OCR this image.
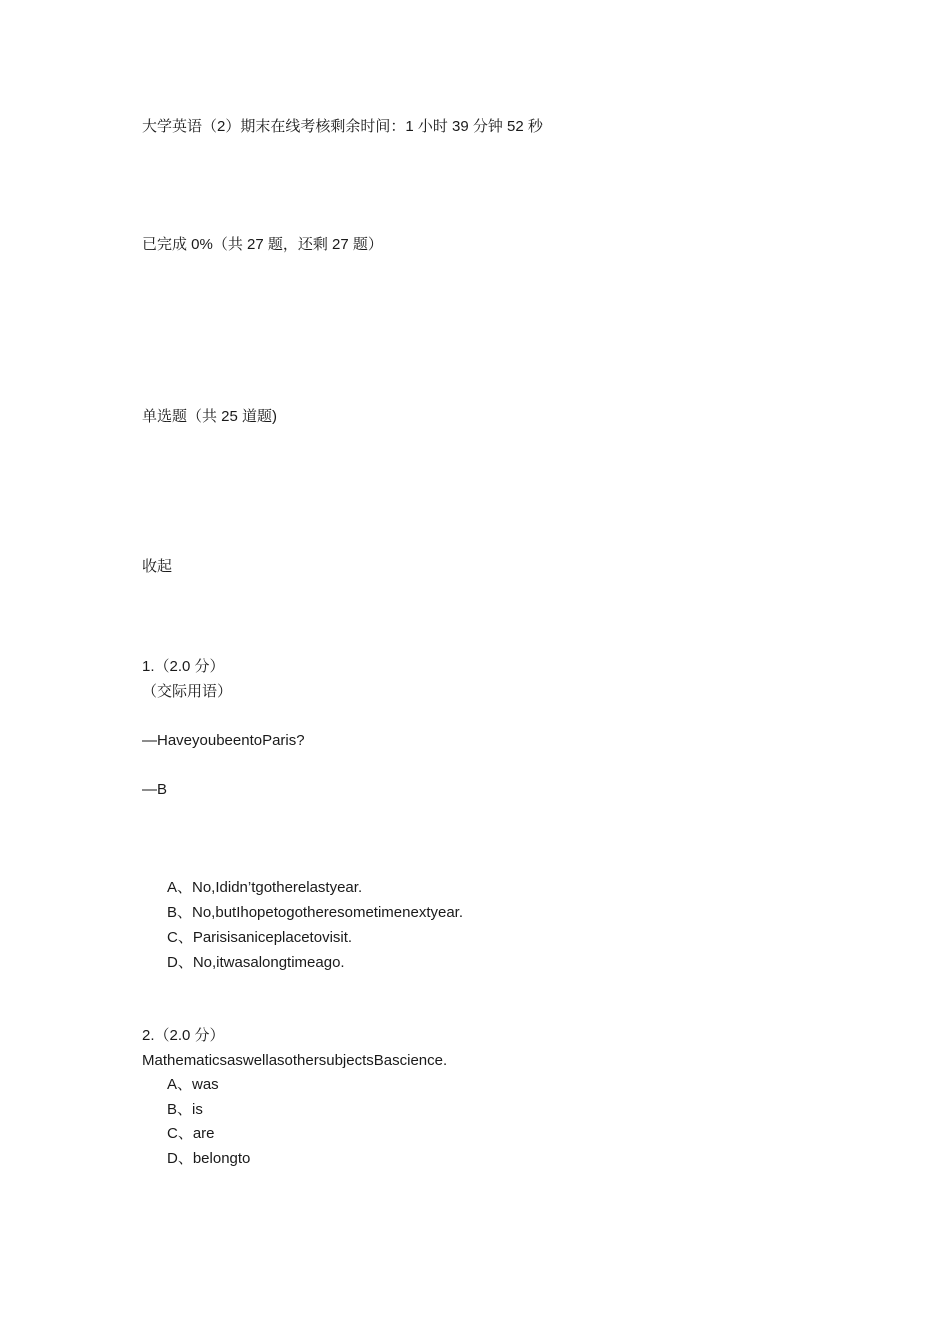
大学英语（2）期末在线考核剩余时间：1 小时 39 分钟 52 秒
已完成 0%（共 27 题，还剩 27 题）
单选题（共 25 道题)
收起
1.（2.0 分）
（交际用语）
—HaveyoubeentoParis?
—B
A、No,Ididn’tgotherelastyear.
B、No,butIhopetogotheresometimenextyear.
C、Parisisaniceplacetovisit.
D、No,itwasalongtimeago.
2.（2.0 分）
MathematicsaswellasothersubjectsBascience.
A、was
B、is
C、are
D、belongto
